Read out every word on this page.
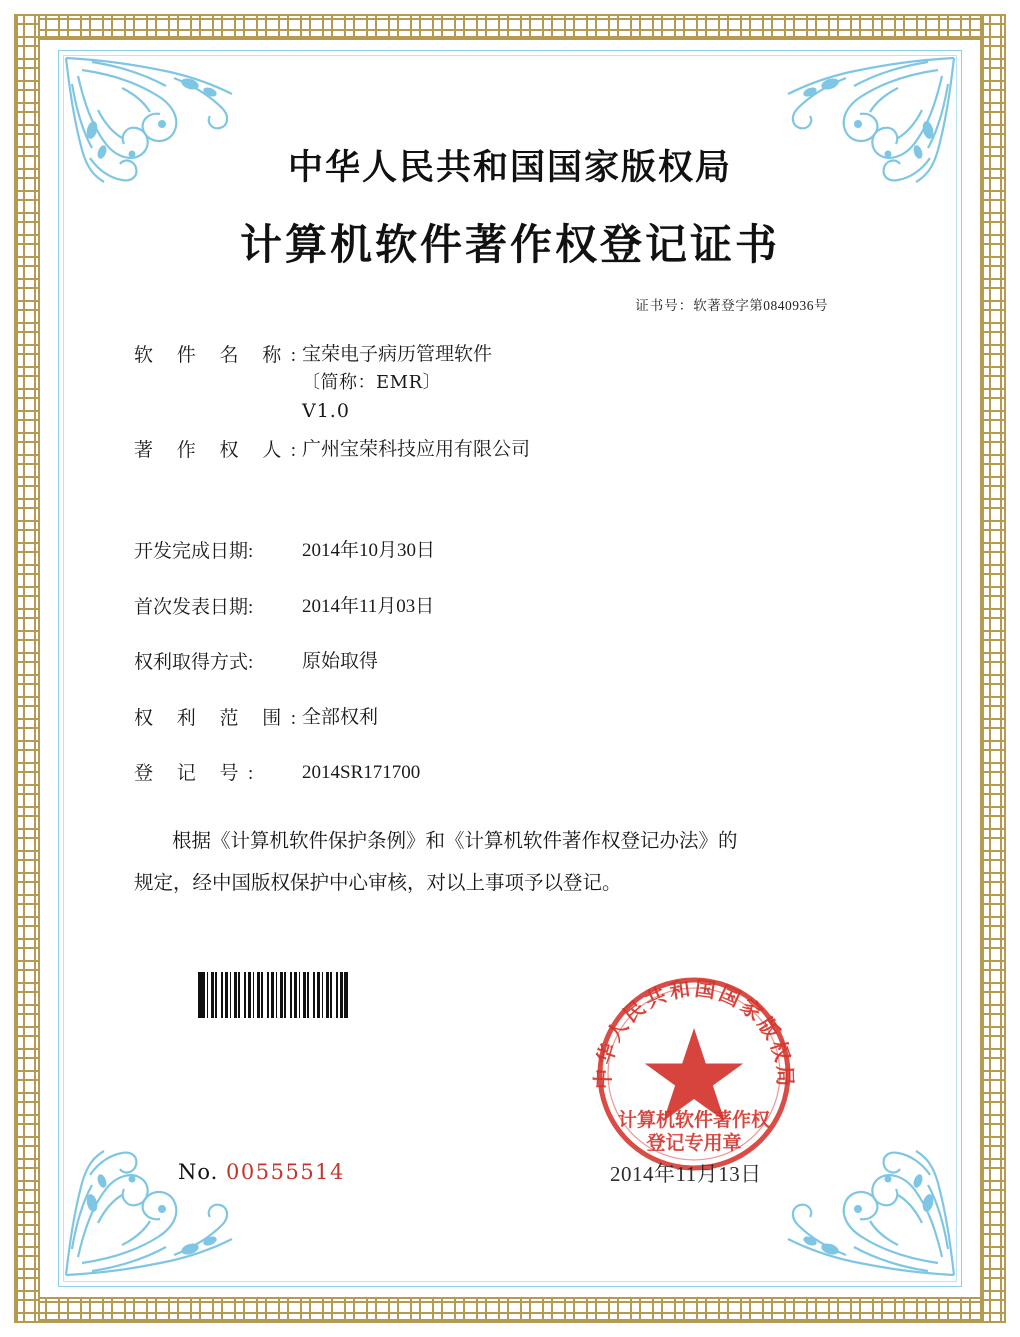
中华人民共和国国家版权局
计算机软件著作权登记证书
证书号：软著登字第0840936号
软 件 名 称:
宝荣电子病历管理软件
〔简称：EMR〕
V1.0
著 作 权 人:
广州宝荣科技应用有限公司
开发完成日期:	2014年10月30日
首次发表日期:	2014年11月03日
权利取得方式:	原始取得
权 利 范 围:
全部权利
登 记 号:	2014SR171700

根据《计算机软件保护条例》和《计算机软件著作权登记办法》的

规定，经中国版权保护中心审核，对以上事项予以登记。

中华人民共和国国家版权局
计算机软件著作权
登记专用章
No. 00555514	2014年11月13日
